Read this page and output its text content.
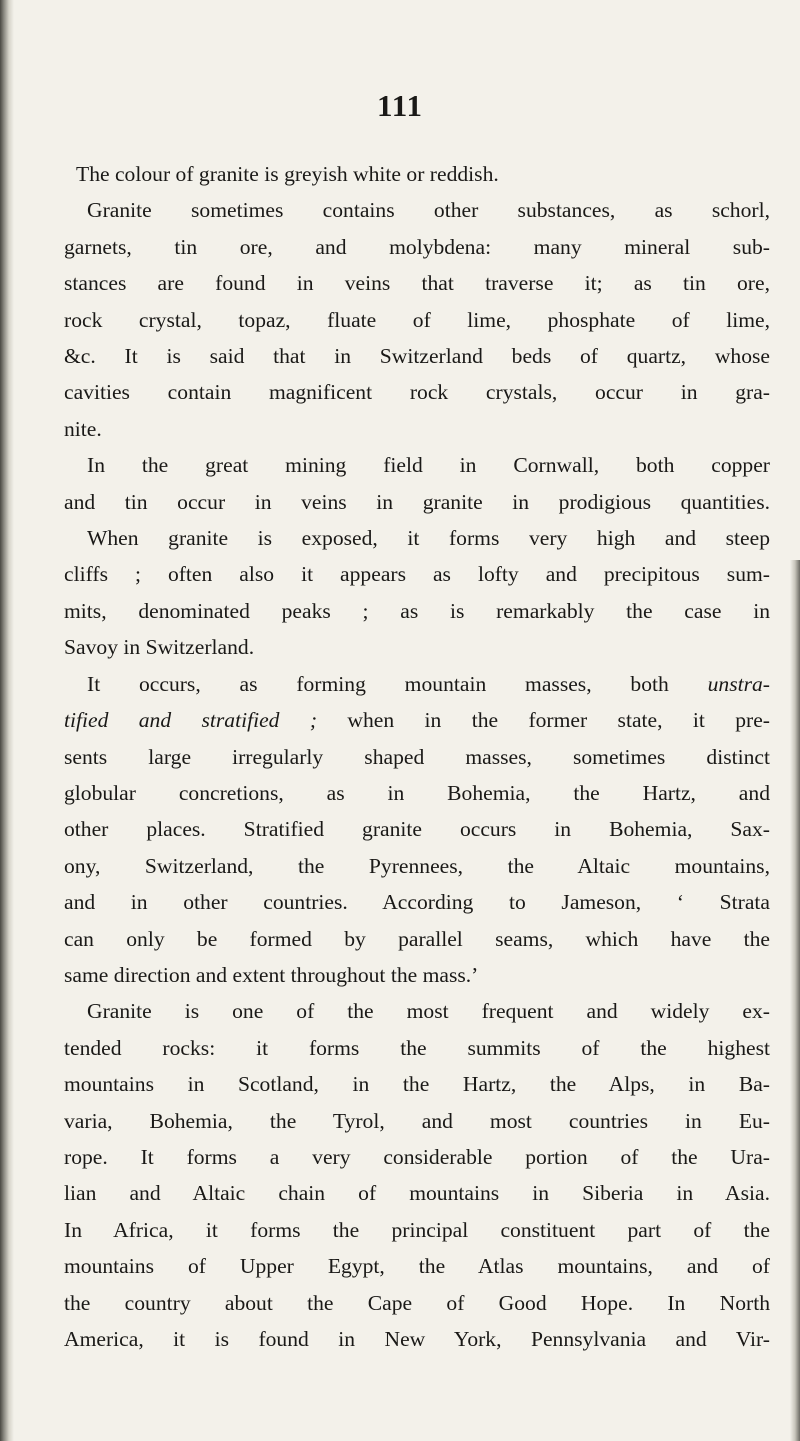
111
The colour of granite is greyish white or reddish.
Granite sometimes contains other substances, as schorl,
garnets, tin ore, and molybdena: many mineral sub-
stances are found in veins that traverse it; as tin ore,
rock crystal, topaz, fluate of lime, phosphate of lime,
&c. It is said that in Switzerland beds of quartz, whose
cavities contain magnificent rock crystals, occur in gra-
nite.
In the great mining field in Cornwall, both copper
and tin occur in veins in granite in prodigious quantities.
When granite is exposed, it forms very high and steep
cliffs ; often also it appears as lofty and precipitous sum-
mits, denominated peaks ; as is remarkably the case in
Savoy in Switzerland.
It occurs, as forming mountain masses, both unstra-
tified and stratified ; when in the former state, it pre-
sents large irregularly shaped masses, sometimes distinct
globular concretions, as in Bohemia, the Hartz, and
other places. Stratified granite occurs in Bohemia, Sax-
ony, Switzerland, the Pyrennees, the Altaic mountains,
and in other countries. According to Jameson, ‘ Strata
can only be formed by parallel seams, which have the
same direction and extent throughout the mass.’
Granite is one of the most frequent and widely ex-
tended rocks: it forms the summits of the highest
mountains in Scotland, in the Hartz, the Alps, in Ba-
varia, Bohemia, the Tyrol, and most countries in Eu-
rope. It forms a very considerable portion of the Ura-
lian and Altaic chain of mountains in Siberia in Asia.
In Africa, it forms the principal constituent part of the
mountains of Upper Egypt, the Atlas mountains, and of
the country about the Cape of Good Hope. In North
America, it is found in New York, Pennsylvania and Vir-
